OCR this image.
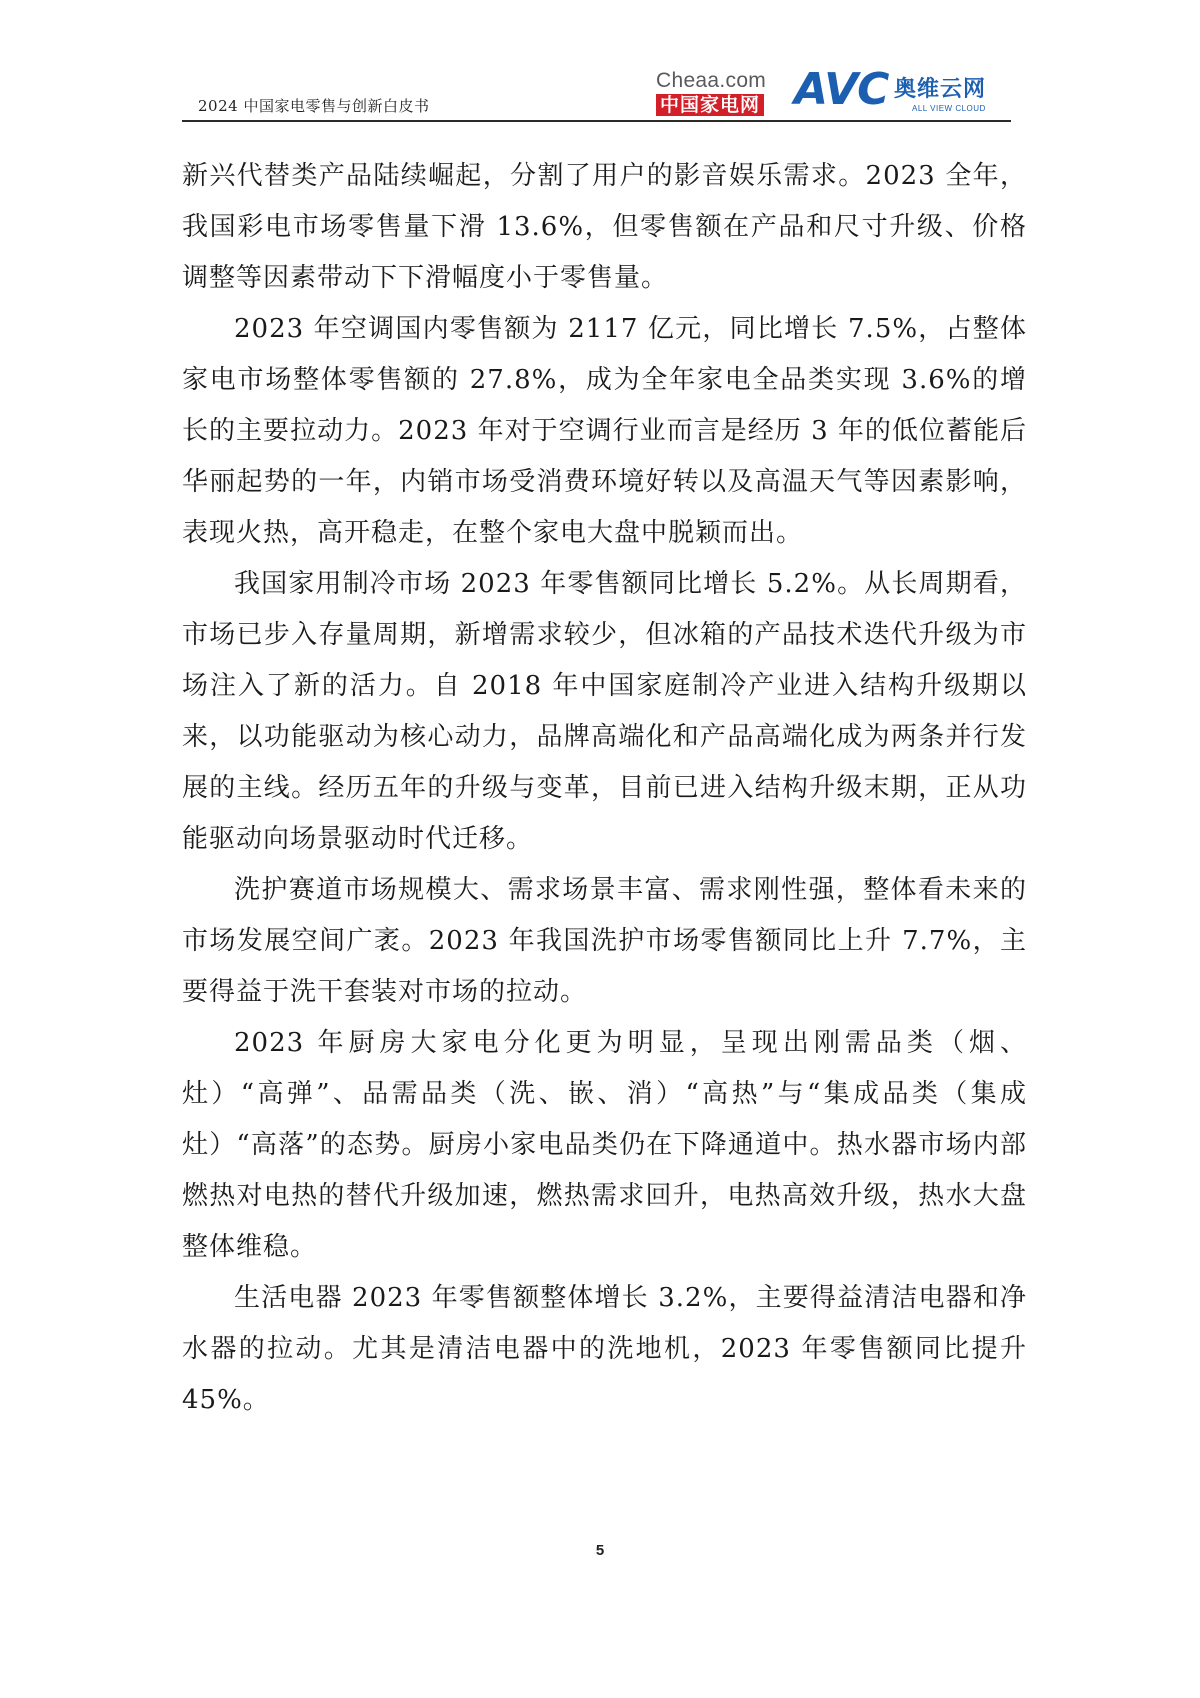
2024 中国家电零售与创新白皮书
Cheaa.com
中国家电网 AVC 奥维云网
ALL VIEW CLOUD

新兴代替类产品陆续崛起，分割了用户的影音娱乐需求。2023 全年，我国彩电市场零售量下滑 13.6%，但零售额在产品和尺寸升级、价格调整等因素带动下下滑幅度小于零售量。

2023 年空调国内零售额为 2117 亿元，同比增长 7.5%，占整体家电市场整体零售额的 27.8%，成为全年家电全品类实现 3.6%的增长的主要拉动力。2023 年对于空调行业而言是经历 3 年的低位蓄能后华丽起势的一年，内销市场受消费环境好转以及高温天气等因素影响，表现火热，高开稳走，在整个家电大盘中脱颖而出。

我国家用制冷市场 2023 年零售额同比增长 5.2%。从长周期看，市场已步入存量周期，新增需求较少，但冰箱的产品技术迭代升级为市场注入了新的活力。自 2018 年中国家庭制冷产业进入结构升级期以来，以功能驱动为核心动力，品牌高端化和产品高端化成为两条并行发展的主线。经历五年的升级与变革，目前已进入结构升级末期，正从功能驱动向场景驱动时代迁移。

洗护赛道市场规模大、需求场景丰富、需求刚性强，整体看未来的市场发展空间广袤。2023 年我国洗护市场零售额同比上升 7.7%，主要得益于洗干套装对市场的拉动。

2023 年厨房大家电分化更为明显，呈现出刚需品类（烟、灶）“高弹”、品需品类（洗、嵌、消）“高热”与“集成品类（集成灶）“高落”的态势。厨房小家电品类仍在下降通道中。热水器市场内部燃热对电热的替代升级加速，燃热需求回升，电热高效升级，热水大盘整体维稳。

生活电器 2023 年零售额整体增长 3.2%，主要得益清洁电器和净水器的拉动。尤其是清洁电器中的洗地机，2023 年零售额同比提升 45%。

5
